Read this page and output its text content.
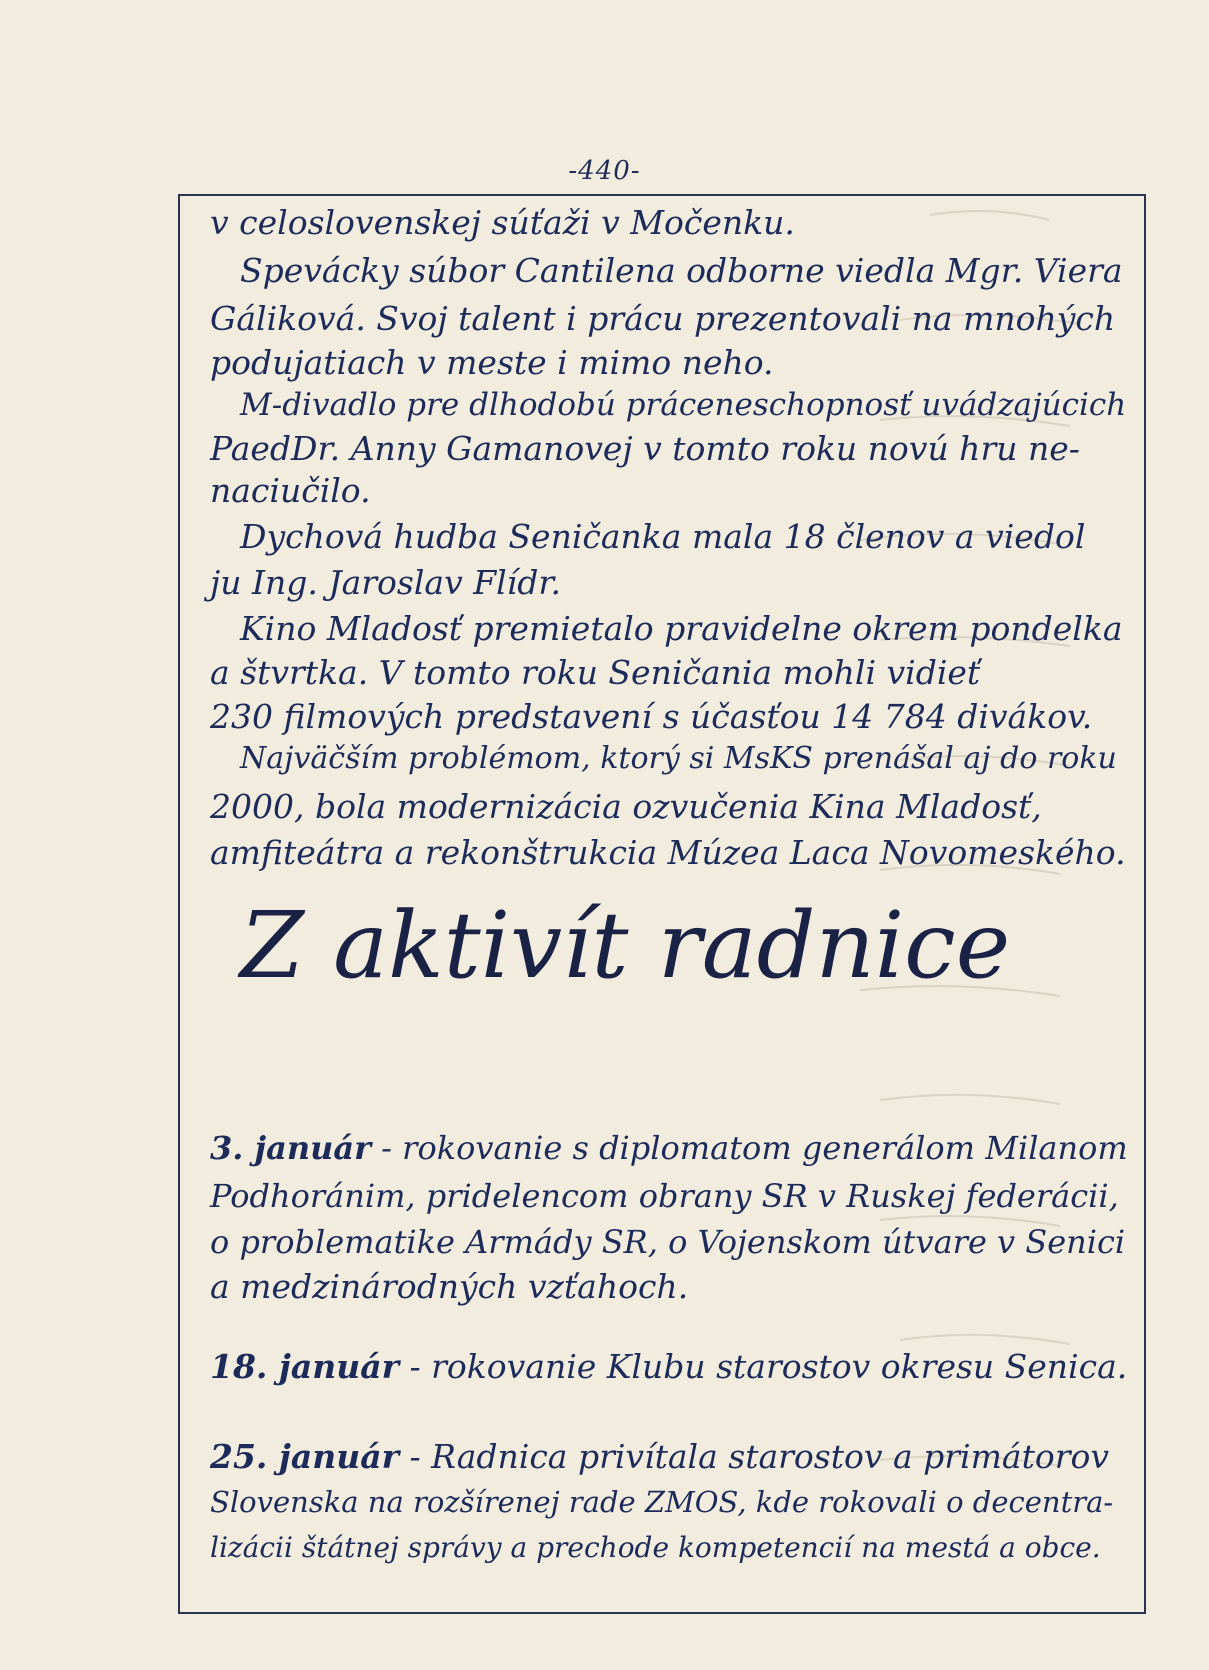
-440-
v celoslovenskej súťaži v Močenku.
Spevácky súbor Cantilena odborne viedla Mgr. Viera
Gáliková. Svoj talent i prácu prezentovali na mnohých
podujatiach v meste i mimo neho.
M-divadlo pre dlhodobú práceneschopnosť uvádzajúcich
PaedDr. Anny Gamanovej v tomto roku novú hru ne-
naciučilo.
Dychová hudba Seničanka mala 18 členov a viedol
ju Ing. Jaroslav Flídr.
Kino Mladosť premietalo pravidelne okrem pondelka
a štvrtka. V tomto roku Seničania mohli vidieť
230 filmových predstavení s účasťou 14 784 divákov.
Najväčším problémom, ktorý si MsKS prenášal aj do roku
2000, bola modernizácia ozvučenia Kina Mladosť,
amfiteátra a rekonštrukcia Múzea Laca Novomeského.
Z aktivít radnice
3. január - rokovanie s diplomatom generálom Milanom
Podhoránim, pridelencom obrany SR v Ruskej federácii,
o problematike Armády SR, o Vojenskom útvare v Senici
a medzinárodných vzťahoch.
18. január - rokovanie Klubu starostov okresu Senica.
25. január - Radnica privítala starostov a primátorov
Slovenska na rozšírenej rade ZMOS, kde rokovali o decentra-
lizácii štátnej správy a prechode kompetencií na mestá a obce.
